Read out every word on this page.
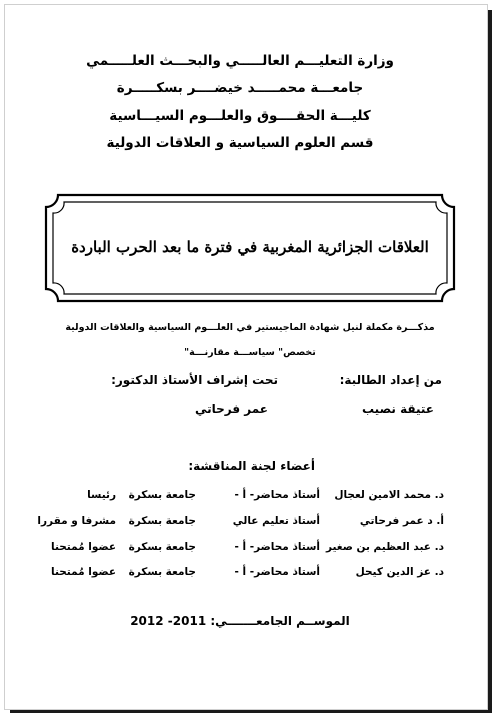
وزارة التعليـــم العالـــــي والبحـــث العلـــــمي
جامعـــة محمـــــد خيضــــر بسكـــــرة
كليـــة الحقــــوق والعلـــوم السيـــاسية
قسم العلوم السياسية و العلاقات الدولية
العلاقات الجزائرية المغربية في فترة ما بعد الحرب الباردة
مذكـــرة مكملة لنيل شهادة الماجيستير في العلـــوم السياسية والعلاقات الدولية
تخصص" سياســـة مقارنـــة"
من إعداد الطالبة:
تحت إشراف الأستاذ الدكتور:
عتيقة نصيب
عمر فرحاتي
أعضاء لجنة المناقشة:
د. محمد الامين لعجال
أستاذ محاضر- أ -
جامعة بسكرة
رئيسا
أ. د عمر فرحاتي
أستاذ تعليم عالي
جامعة بسكرة
مشرفا و مقررا
د. عبد العظيم بن صغير
أستاذ محاضر- أ -
جامعة بسكرة
عضوا مُمتحنا
د. عز الدين كيحل
أستاذ محاضر- أ -
جامعة بسكرة
عضوا مُمتحنا
الموســم الجامعـــــــي: 2011- 2012
